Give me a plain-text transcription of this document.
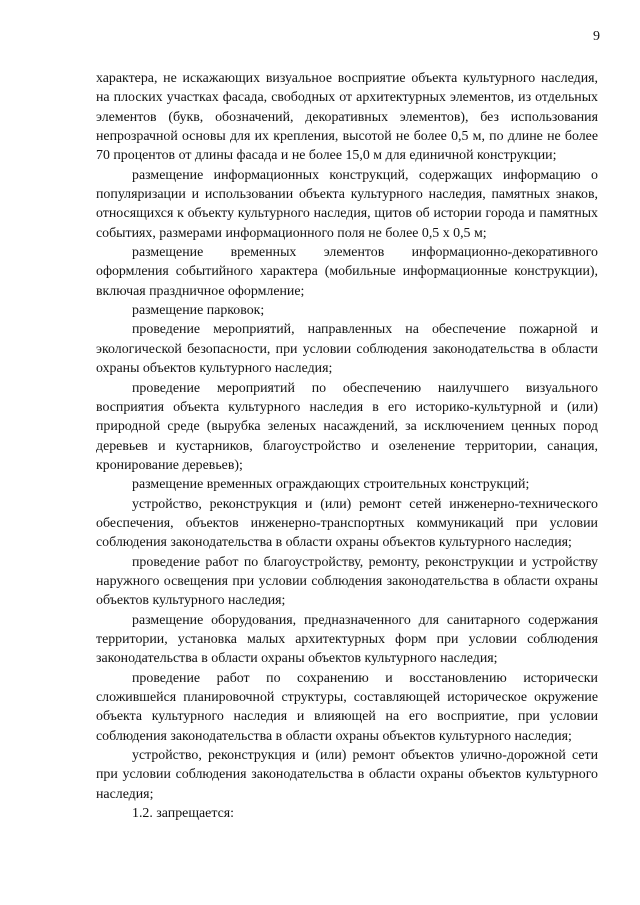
9

характера, не искажающих визуальное восприятие объекта культурного наследия, на плоских участках фасада, свободных от архитектурных элементов, из отдельных элементов (букв, обозначений, декоративных элементов), без использования непрозрачной основы для их крепления, высотой не более 0,5 м, по длине не более 70 процентов от длины фасада и не более 15,0 м для единичной конструкции;

размещение информационных конструкций, содержащих информацию о популяризации и использовании объекта культурного наследия, памятных знаков, относящихся к объекту культурного наследия, щитов об истории города и памятных событиях, размерами информационного поля не более 0,5 х 0,5 м;

размещение временных элементов информационно-декоративного оформления событийного характера (мобильные информационные конструкции), включая праздничное оформление;

размещение парковок;

проведение мероприятий, направленных на обеспечение пожарной и экологической безопасности, при условии соблюдения законодательства в области охраны объектов культурного наследия;

проведение мероприятий по обеспечению наилучшего визуального восприятия объекта культурного наследия в его историко-культурной и (или) природной среде (вырубка зеленых насаждений, за исключением ценных пород деревьев и кустарников, благоустройство и озеленение территории, санация, кронирование деревьев);

размещение временных ограждающих строительных конструкций;

устройство, реконструкция и (или) ремонт сетей инженерно-технического обеспечения, объектов инженерно-транспортных коммуникаций при условии соблюдения законодательства в области охраны объектов культурного наследия;

проведение работ по благоустройству, ремонту, реконструкции и устройству наружного освещения при условии соблюдения законодательства в области охраны объектов культурного наследия;

размещение оборудования, предназначенного для санитарного содержания территории, установка малых архитектурных форм при условии соблюдения законодательства в области охраны объектов культурного наследия;

проведение работ по сохранению и восстановлению исторически сложившейся планировочной структуры, составляющей историческое окружение объекта культурного наследия и влияющей на его восприятие, при условии соблюдения законодательства в области охраны объектов культурного наследия;

устройство, реконструкция и (или) ремонт объектов улично-дорожной сети при условии соблюдения законодательства в области охраны объектов культурного наследия;

1.2. запрещается:
